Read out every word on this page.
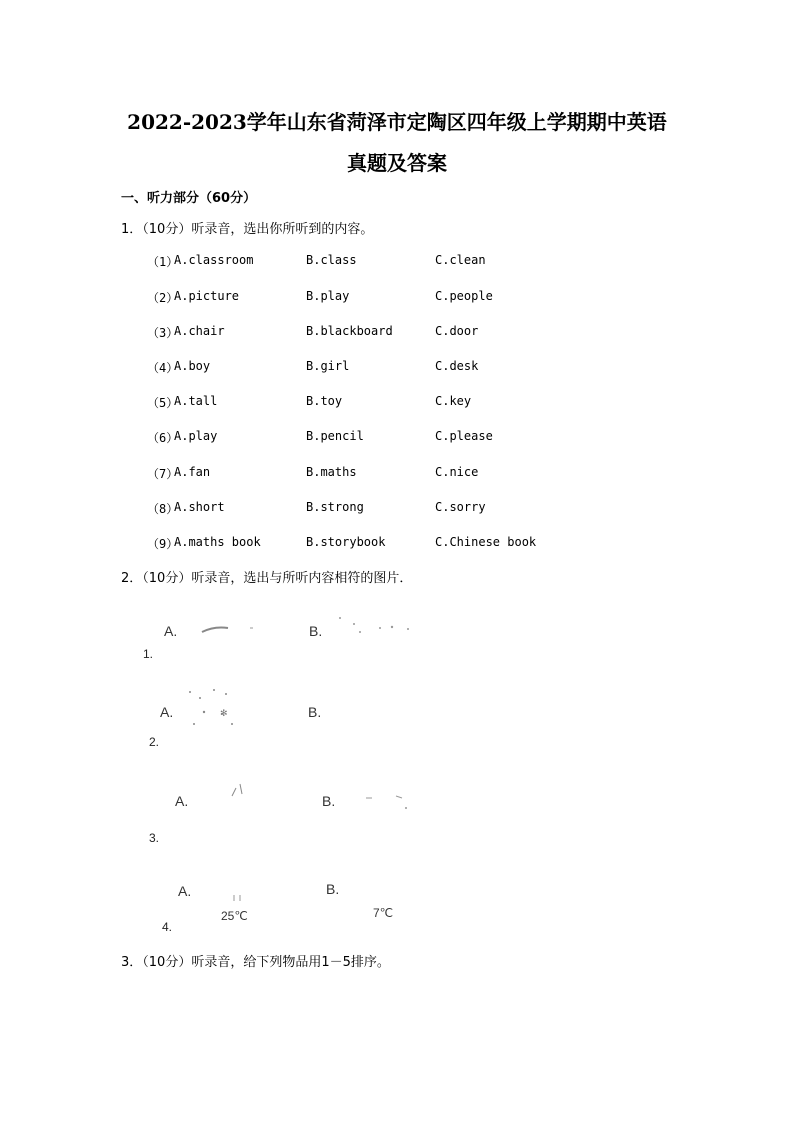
2022-2023学年山东省菏泽市定陶区四年级上学期期中英语
真题及答案
一、听力部分（60分）
1．（10分）听录音，选出你所听到的内容。
（1）
A.classroom	B.class	C.clean
（2）
A.picture	B.play	C.people
（3）
A.chair	B.blackboard	C.door
（4）
A.boy	B.girl	C.desk
（5）
A.tall	B.toy	C.key
（6）
A.play	B.pencil	C.please
（7）
A.fan	B.maths	C.nice
（8）
A.short	B.strong	C.sorry
（9）
A.maths book	B.storybook	C.Chinese book
2．（10分）听录音，选出与所听内容相符的图片．
A.	B.
1.
A.	✻	B.
2.
A.	B.
3.
A.
25℃
B.
7℃
4.
3．（10分）听录音，给下列物品用1－5排序。
